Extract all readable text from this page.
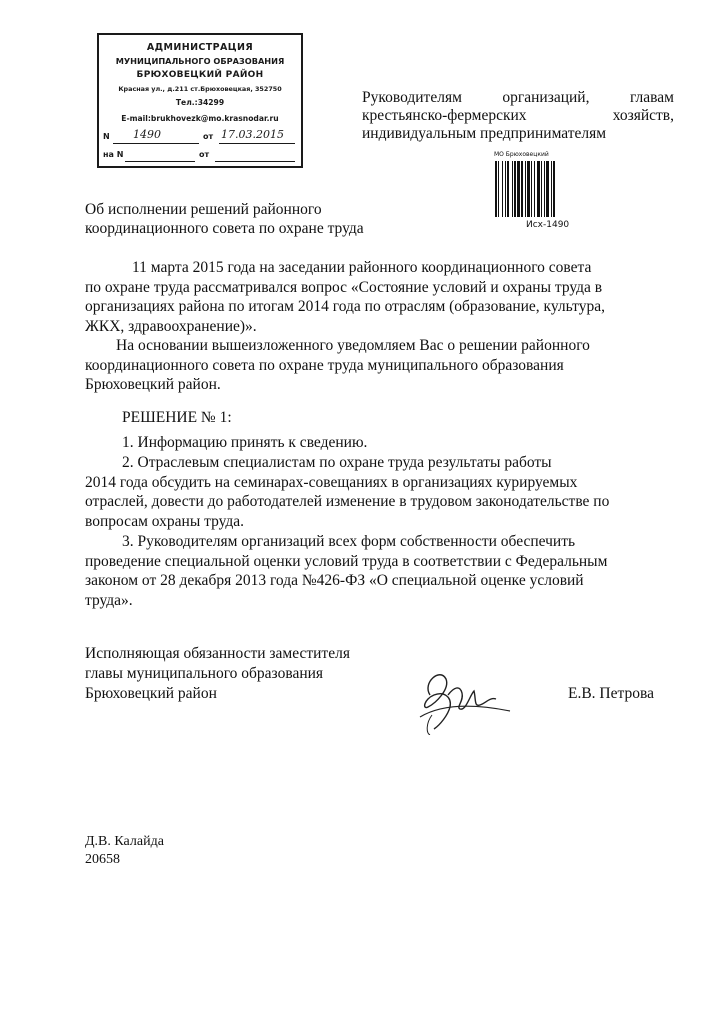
АДМИНИСТРАЦИЯ
МУНИЦИПАЛЬНОГО ОБРАЗОВАНИЯ
БРЮХОВЕЦКИЙ РАЙОН
Красная ул., д.211 ст.Брюховецкая, 352750
Тел.:34299
E-mail:brukhovezk@mo.krasnodar.ru
N 1490	от 17.03.2015
на N	от
Руководителям	организаций,	главам
крестьянско-фермерских	хозяйств,
индивидуальным предпринимателям
МО Брюховецкий
Исх-1490
Об исполнении решений районного
координационного совета по охране труда
11 марта 2015 года на заседании районного координационного совета
по охране труда рассматривался вопрос «Состояние условий и охраны труда в
организациях района по итогам 2014 года по отраслям (образование, культура,
ЖКХ, здравоохранение)».
На основании вышеизложенного уведомляем Вас о решении районного
координационного совета по охране труда муниципального образования
Брюховецкий район.
РЕШЕНИЕ № 1:
1. Информацию принять к сведению.
2. Отраслевым специалистам по охране труда результаты работы
2014 года обсудить на семинарах-совещаниях в организациях курируемых
отраслей, довести до работодателей изменение в трудовом законодательстве по
вопросам охраны труда.
3. Руководителям организаций всех форм собственности обеспечить
проведение специальной оценки условий труда в соответствии с Федеральным
законом от 28 декабря 2013 года №426-ФЗ «О специальной оценке условий
труда».
Исполняющая обязанности заместителя
главы муниципального образования
Брюховецкий район	Е.В. Петрова
Д.В. Калайда
20658
